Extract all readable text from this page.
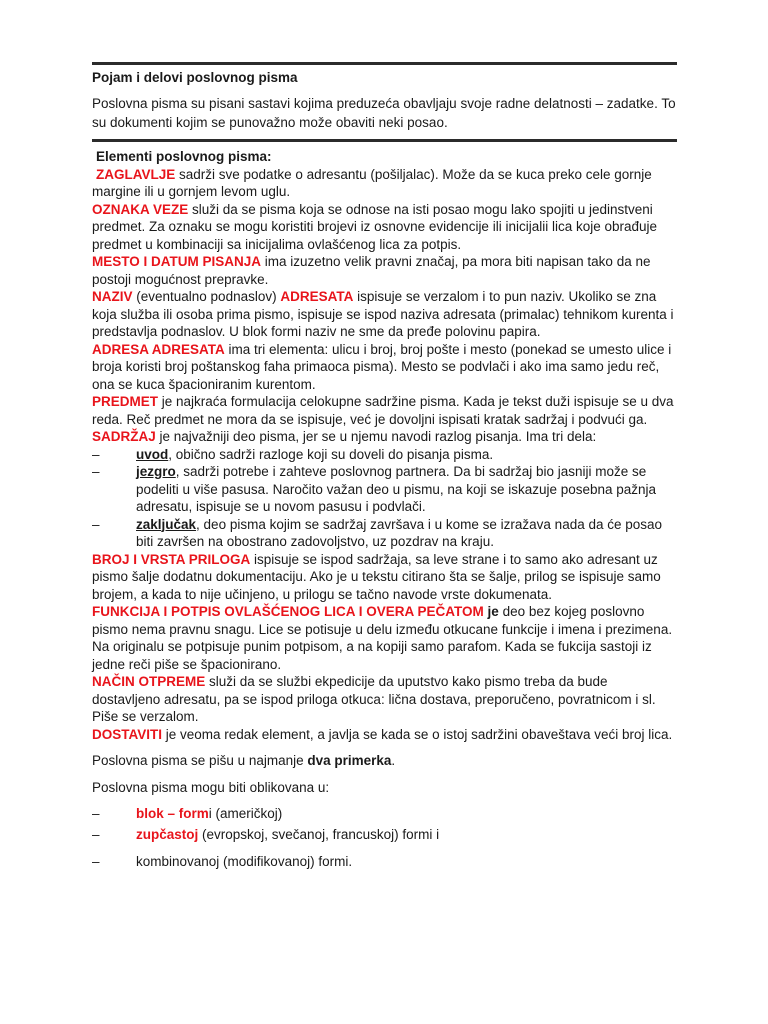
Pojam i delovi poslovnog pisma
Poslovna pisma su pisani sastavi kojima preduzeća obavljaju svoje radne delatnosti – zadatke. To su dokumenti kojim se punovažno može obaviti neki posao.

Elementi poslovnog pisma:

ZAGLAVLJE sadrži sve podatke o adresantu (pošiljalac). Može da se kuca preko cele gornje margine ili u gornjem levom uglu.

OZNAKA VEZE služi da se pisma koja se odnose na isti posao mogu lako spojiti u jedinstveni predmet. Za oznaku se mogu koristiti brojevi iz osnovne evidencije ili inicijalii lica koje obrađuje predmet u kombinaciji sa inicijalima ovlašćenog lica za potpis.

MESTO I DATUM PISANJA ima izuzetno velik pravni značaj, pa mora biti napisan tako da ne postoji mogućnost prepravke.

NAZIV (eventualno podnaslov) ADRESATA ispisuje se verzalom i to pun naziv. Ukoliko se zna koja služba ili osoba prima pismo, ispisuje se ispod naziva adresata (primalac) tehnikom kurenta i predstavlja podnaslov. U blok formi naziv ne sme da pređe polovinu papira.

ADRESA ADRESATA ima tri elementa: ulicu i broj, broj pošte i mesto (ponekad se umesto ulice i broja koristi broj poštanskog faha primaoca pisma). Mesto se podvlači i ako ima samo jedu reč, ona se kuca špacioniranim kurentom.

PREDMET je najkraća formulacija celokupne sadržine pisma. Kada je tekst duži ispisuje se u dva reda. Reč predmet ne mora da se ispisuje, već je dovoljni ispisati kratak sadržaj i podvući ga.

SADRŽAJ je najvažniji deo pisma, jer se u njemu navodi razlog pisanja. Ima tri dela:

–	uvod, obično sadrži razloge koji su doveli do pisanja pisma.
–	jezgro, sadrži potrebe i zahteve poslovnog partnera. Da bi sadržaj bio jasniji može se podeliti u više pasusa. Naročito važan deo u pismu, na koji se iskazuje posebna pažnja adresatu, ispisuje se u novom pasusu i podvlači.
–	zaključak, deo pisma kojim se sadržaj završava i u kome se izražava nada da će posao biti završen na obostrano zadovoljstvo, uz pozdrav na kraju.

BROJ I VRSTA PRILOGA ispisuje se ispod sadržaja, sa leve strane i to samo ako adresant uz pismo šalje dodatnu dokumentaciju. Ako je u tekstu citirano šta se šalje, prilog se ispisuje samo brojem, a kada to nije učinjeno, u prilogu se tačno navode vrste dokumenata.

FUNKCIJA I POTPIS OVLAŠĆENOG LICA I OVERA PEČATOM je deo bez kojeg poslovno pismo nema pravnu snagu. Lice se potisuje u delu između otkucane funkcije i imena i prezimena. Na originalu se potpisuje punim potpisom, a na kopiji samo parafom. Kada se fukcija sastoji iz jedne reči piše se špacionirano.

NAČIN OTPREME služi da se službi ekpedicije da uputstvo kako pismo treba da bude dostavljeno adresatu, pa se ispod priloga otkuca: lična dostava, preporučeno, povratnicom i sl. Piše se verzalom.

DOSTAVITI je veoma redak element, a javlja se kada se o istoj sadržini obaveštava veći broj lica.

Poslovna pisma se pišu u najmanje dva primerka.

Poslovna pisma mogu biti oblikovana u:

–	blok – formi (američkoj)
–	zupčastoj (evropskoj, svečanoj, francuskoj) formi i
–	kombinovanoj (modifikovanoj) formi.
